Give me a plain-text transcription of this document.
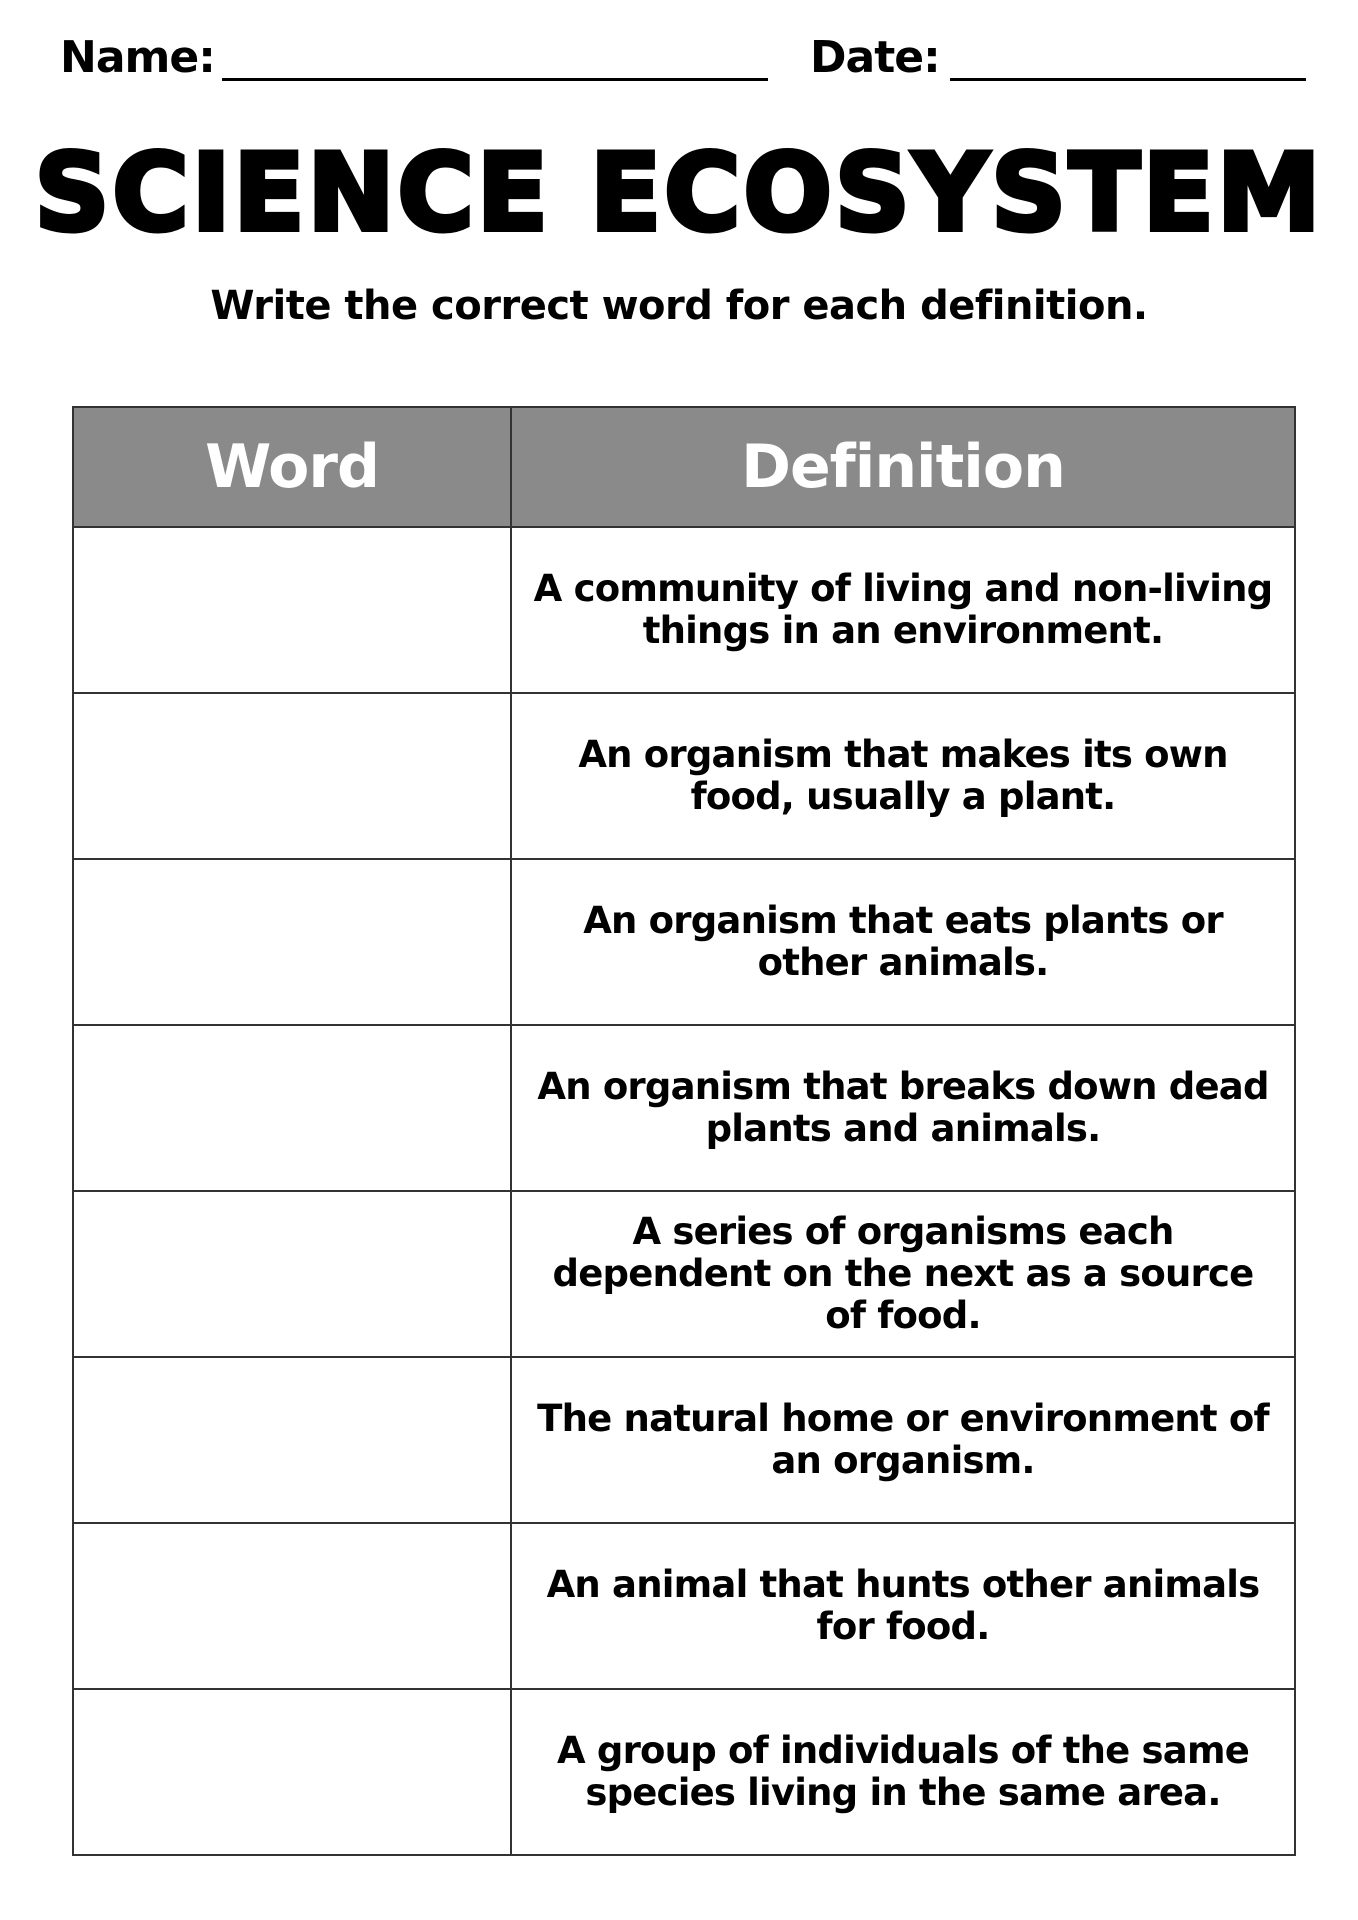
Name:	Date:
SCIENCE ECOSYSTEM
Write the correct word for each definition.
Word	Definition

	A community of living and non-living things in an environment.

	An organism that makes its own food, usually a plant.

	An organism that eats plants or other animals.

	An organism that breaks down dead plants and animals.

	A series of organisms each dependent on the next as a source of food.

	The natural home or environment of an organism.

	An animal that hunts other animals for food.

	A group of individuals of the same species living in the same area.
